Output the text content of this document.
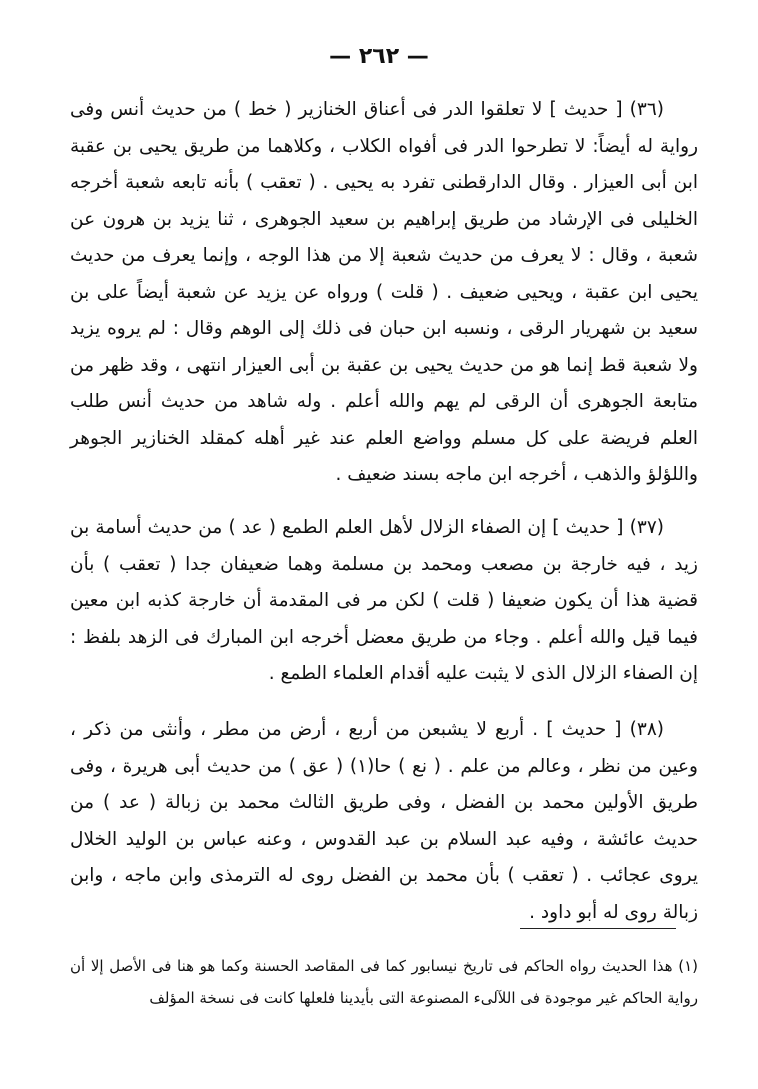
— ٢٦٢ —

(٣٦) [ حديث ] لا تعلقوا الدر فى أعناق الخنازير ( خط ) من حديث أنس وفى رواية له أيضاً: لا تطرحوا الدر فى أفواه الكلاب ، وكلاهما من طريق يحيى بن عقبة ابن أبى العيزار . وقال الدارقطنى تفرد به يحيى . ( تعقب ) بأنه تابعه شعبة أخرجه الخليلى فى الإرشاد من طريق إبراهيم بن سعيد الجوهرى ، ثنا يزيد بن هرون عن شعبة ، وقال : لا يعرف من حديث شعبة إلا من هذا الوجه ، وإنما يعرف من حديث يحيى ابن عقبة ، ويحيى ضعيف . ( قلت ) ورواه عن يزيد عن شعبة أيضاً على بن سعيد بن شهريار الرقى ، ونسبه ابن حبان فى ذلك إلى الوهم وقال : لم يروه يزيد ولا شعبة قط إنما هو من حديث يحيى بن عقبة بن أبى العيزار انتهى ، وقد ظهر من متابعة الجوهرى أن الرقى لم يهم والله أعلم . وله شاهد من حديث أنس طلب العلم فريضة على كل مسلم وواضع العلم عند غير أهله كمقلد الخنازير الجوهر واللؤلؤ والذهب ، أخرجه ابن ماجه بسند ضعيف .

(٣٧) [ حديث ] إن الصفاء الزلال لأهل العلم الطمع ( عد ) من حديث أسامة بن زيد ، فيه خارجة بن مصعب ومحمد بن مسلمة وهما ضعيفان جدا ( تعقب ) بأن قضية هذا أن يكون ضعيفا ( قلت ) لكن مر فى المقدمة أن خارجة كذبه ابن معين فيما قيل والله أعلم . وجاء من طريق معضل أخرجه ابن المبارك فى الزهد بلفظ : إن الصفاء الزلال الذى لا يثبت عليه أقدام العلماء الطمع .

(٣٨) [ حديث ] . أربع لا يشبعن من أربع ، أرض من مطر ، وأنثى من ذكر ، وعين من نظر ، وعالم من علم . ( نع ) حا(١) ( عق ) من حديث أبى هريرة ، وفى طريق الأولين محمد بن الفضل ، وفى طريق الثالث محمد بن زبالة ( عد ) من حديث عائشة ، وفيه عبد السلام بن عبد القدوس ، وعنه عباس بن الوليد الخلال يروى عجائب . ( تعقب ) بأن محمد بن الفضل روى له الترمذى وابن ماجه ، وابن زبالة روى له أبو داود .

(١) هذا الحديث رواه الحاكم فى تاريخ نيسابور كما فى المقاصد الحسنة وكما هو هنا فى الأصل إلا أن رواية الحاكم غير موجودة فى اللآلىء المصنوعة التى بأيدينا فلعلها كانت فى نسخة المؤلف
